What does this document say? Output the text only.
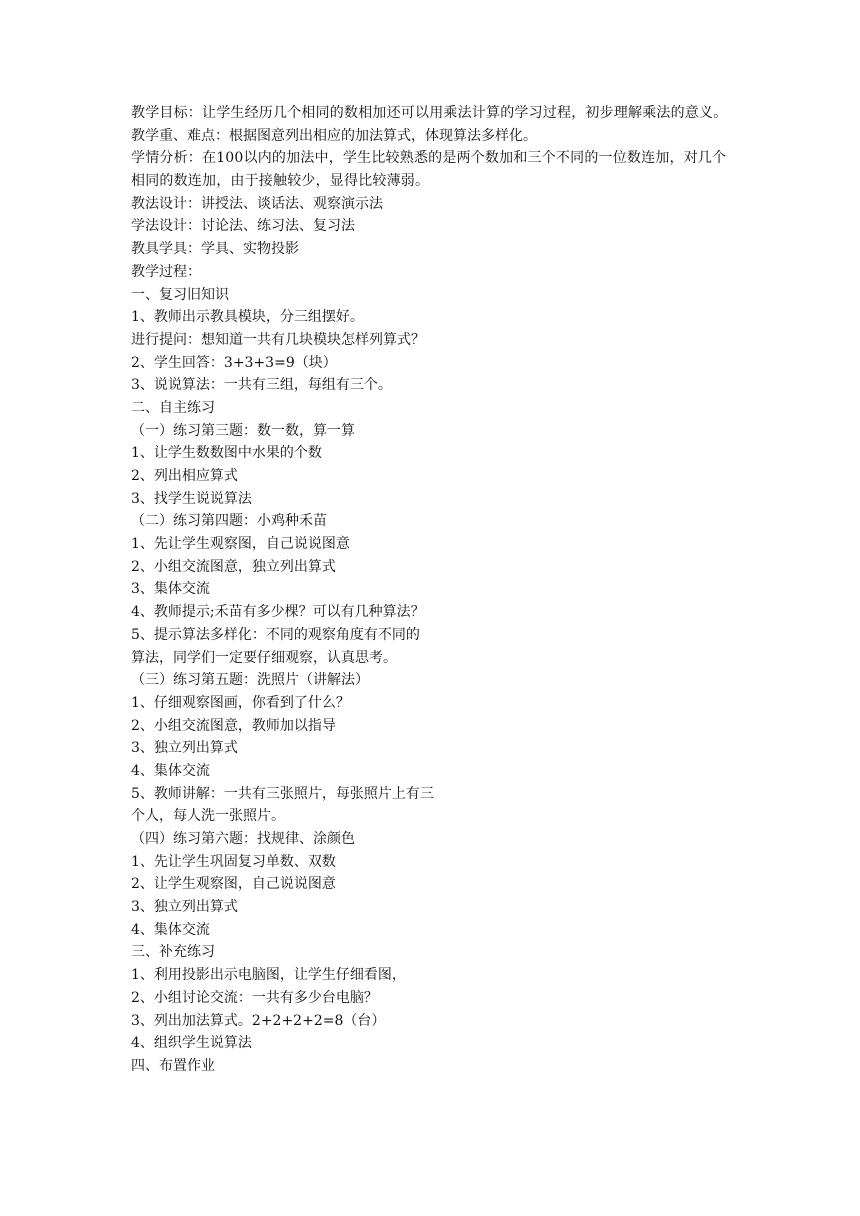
教学目标：让学生经历几个相同的数相加还可以用乘法计算的学习过程，初步理解乘法的意义。
教学重、难点：根据图意列出相应的加法算式，体现算法多样化。
学情分析：在100以内的加法中，学生比较熟悉的是两个数加和三个不同的一位数连加，对几个相同的数连加，由于接触较少，显得比较薄弱。
教法设计：讲授法、谈话法、观察演示法
学法设计：讨论法、练习法、复习法
教具学具：学具、实物投影
教学过程：
一、复习旧知识
1、教师出示教具模块，分三组摆好。
进行提问：想知道一共有几块模块怎样列算式？
2、学生回答：3+3+3=9（块）
3、说说算法：一共有三组，每组有三个。
二、自主练习
（一）练习第三题：数一数，算一算
1、让学生数数图中水果的个数
2、列出相应算式
3、找学生说说算法
（二）练习第四题：小鸡种禾苗
1、先让学生观察图，自己说说图意
2、小组交流图意，独立列出算式
3、集体交流
4、教师提示;禾苗有多少棵？可以有几种算法？
5、提示算法多样化：不同的观察角度有不同的
算法，同学们一定要仔细观察，认真思考。
（三）练习第五题：洗照片（讲解法）
1、仔细观察图画，你看到了什么？
2、小组交流图意，教师加以指导
3、独立列出算式
4、集体交流
5、教师讲解：一共有三张照片，每张照片上有三
个人，每人洗一张照片。
（四）练习第六题：找规律、涂颜色
1、先让学生巩固复习单数、双数
2、让学生观察图，自己说说图意
3、独立列出算式
4、集体交流
三、补充练习
1、利用投影出示电脑图，让学生仔细看图，
2、小组讨论交流：一共有多少台电脑？
3、列出加法算式。2+2+2+2=8（台）
4、组织学生说算法
四、布置作业
